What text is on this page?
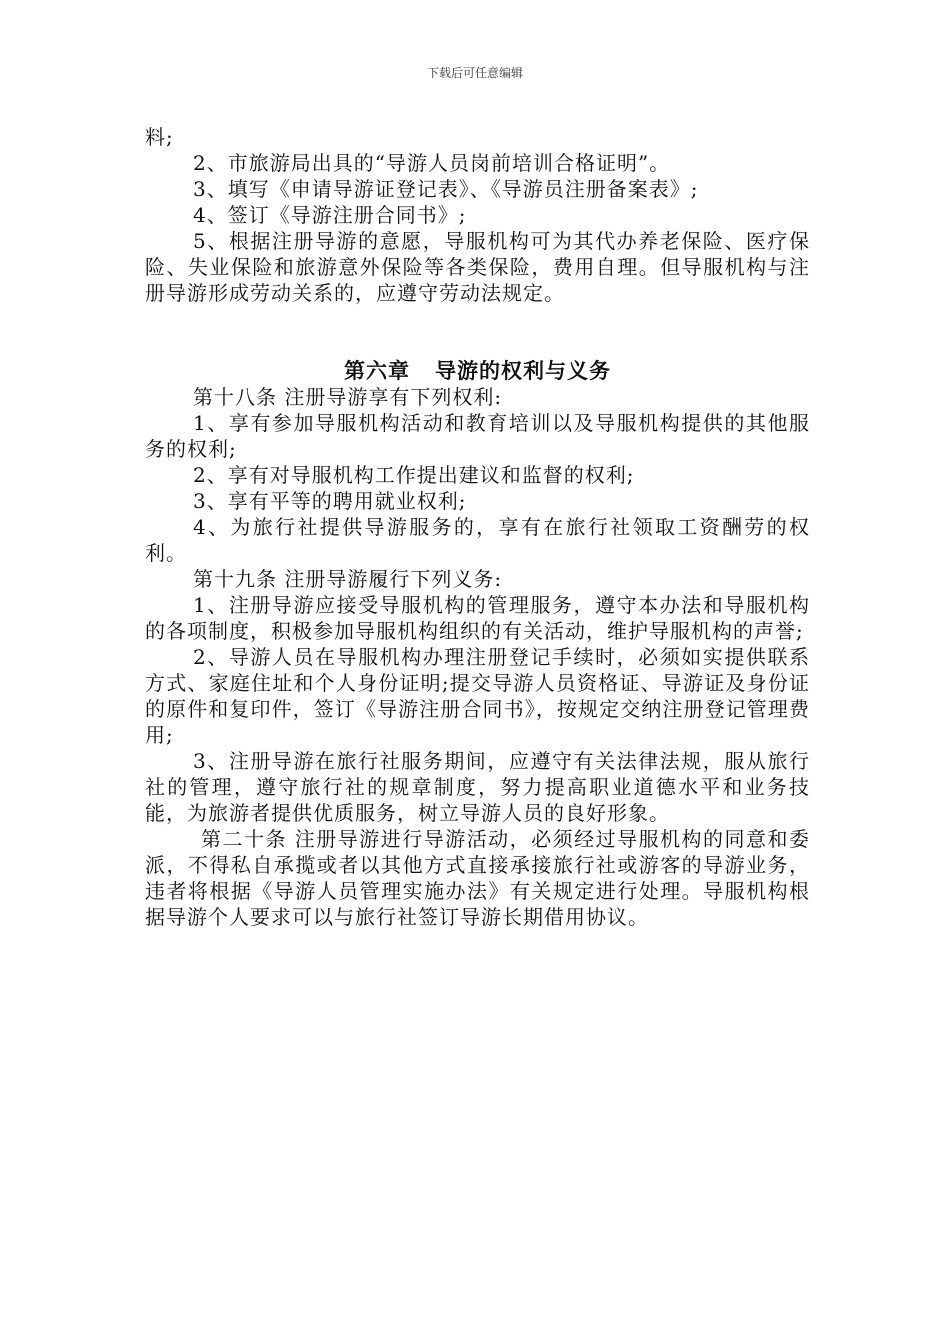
下载后可任意编辑

料;

2、市旅游局出具的“导游人员岗前培训合格证明”。

3、填写《申请导游证登记表》、《导游员注册备案表》;

4、签订《导游注册合同书》;

5、根据注册导游的意愿，导服机构可为其代办养老保险、医疗保险、失业保险和旅游意外保险等各类保险，费用自理。但导服机构与注册导游形成劳动关系的，应遵守劳动法规定。

第六章   导游的权利与义务

第十八条 注册导游享有下列权利:

1、享有参加导服机构活动和教育培训以及导服机构提供的其他服务的权利;

2、享有对导服机构工作提出建议和监督的权利;

3、享有平等的聘用就业权利;

4、为旅行社提供导游服务的，享有在旅行社领取工资酬劳的权利。

第十九条 注册导游履行下列义务:

1、注册导游应接受导服机构的管理服务，遵守本办法和导服机构的各项制度，积极参加导服机构组织的有关活动，维护导服机构的声誉;

2、导游人员在导服机构办理注册登记手续时，必须如实提供联系方式、家庭住址和个人身份证明;提交导游人员资格证、导游证及身份证的原件和复印件，签订《导游注册合同书》，按规定交纳注册登记管理费用;

3、注册导游在旅行社服务期间，应遵守有关法律法规，服从旅行社的管理，遵守旅行社的规章制度，努力提高职业道德水平和业务技能，为旅游者提供优质服务，树立导游人员的良好形象。

第二十条 注册导游进行导游活动，必须经过导服机构的同意和委派，不得私自承揽或者以其他方式直接承接旅行社或游客的导游业务，违者将根据《导游人员管理实施办法》有关规定进行处理。导服机构根据导游个人要求可以与旅行社签订导游长期借用协议。
